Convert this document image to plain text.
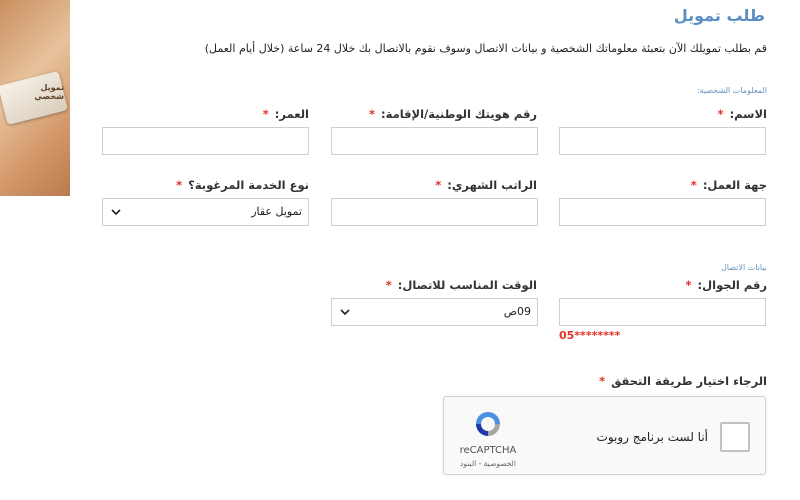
تمويل شخصي
طلب تمويل
قم بطلب تمويلك الآن بتعبئة معلوماتك الشخصية و بيانات الاتصال وسوف نقوم بالاتصال بك خلال 24 ساعة (خلال أيام العمل)
المعلومات الشخصية:
الاسم:*
رقم هويتك الوطنية/الإقامة:*
العمر:*
جهة العمل:*
الراتب الشهري:*
نوع الخدمة المرغوبة؟*
تمويل عقار
بيانات الاتصال
رقم الجوال:*
الوقت المناسب للاتصال:*
09ص
05********
الرجاء اختيار طريقة التحقق*
أنا لست برنامج روبوت
reCAPTCHA
الخصوصية - البنود
